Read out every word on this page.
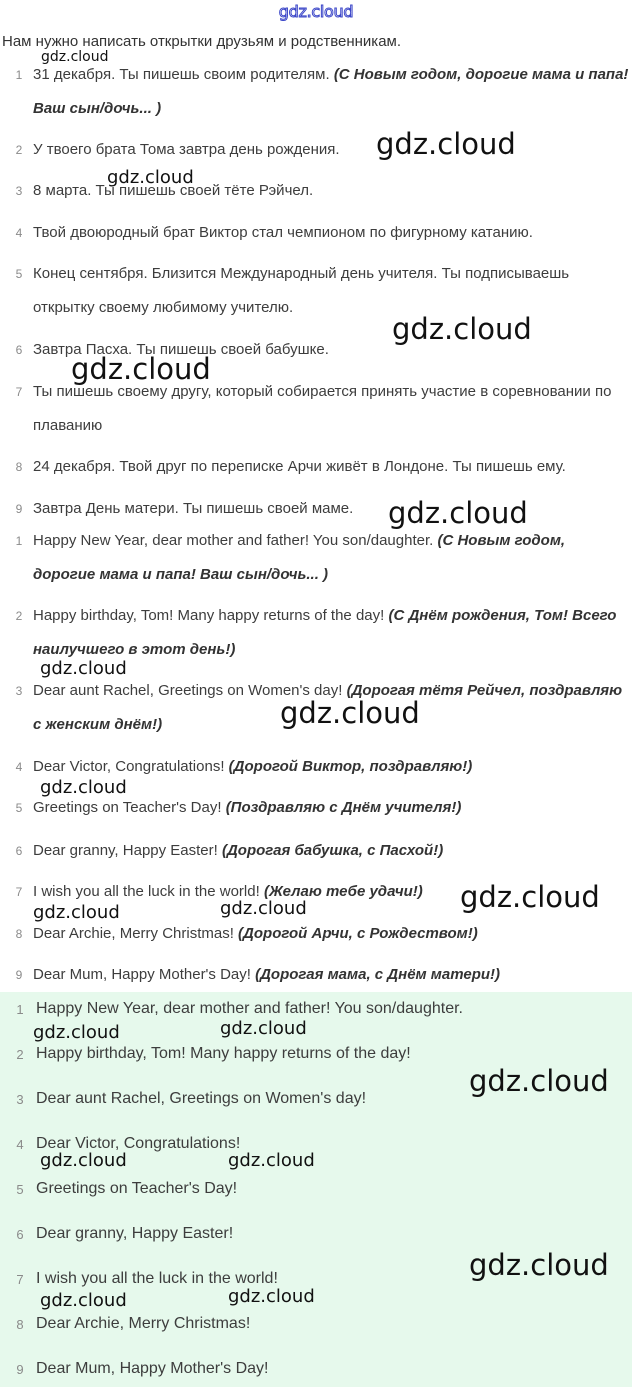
gdz.cloud
Нам нужно написать открытки друзьям и родственникам.
1 31 декабря. Ты пишешь своим родителям. (С Новым годом, дорогие мама и папа! Ваш сын/дочь... )
2 У твоего брата Тома завтра день рождения.
3 8 марта. Ты пишешь своей тёте Рэйчел.
4 Твой двоюродный брат Виктор стал чемпионом по фигурному катанию.
5 Конец сентября. Близится Международный день учителя. Ты подписываешь открытку своему любимому учителю.
6 Завтра Пасха. Ты пишешь своей бабушке.
7 Ты пишешь своему другу, который собирается принять участие в соревновании по плаванию
8 24 декабря. Твой друг по переписке Арчи живёт в Лондоне. Ты пишешь ему.
9 Завтра День матери. Ты пишешь своей маме.
1 Happy New Year, dear mother and father! You son/daughter. (С Новым годом, дорогие мама и папа! Ваш сын/дочь... )
2 Happy birthday, Tom! Many happy returns of the day! (С Днём рождения, Том! Всего наилучшего в этот день!)
3 Dear aunt Rachel, Greetings on Women's day! (Дорогая тётя Рейчел, поздравляю с женским днём!)
4 Dear Victor, Congratulations! (Дорогой Виктор, поздравляю!)
5 Greetings on Teacher's Day! (Поздравляю с Днём учителя!)
6 Dear granny, Happy Easter! (Дорогая бабушка, с Пасхой!)
7 I wish you all the luck in the world! (Желаю тебе удачи!)
8 Dear Archie, Merry Christmas! (Дорогой Арчи, с Рождеством!)
9 Dear Mum, Happy Mother's Day! (Дорогая мама, с Днём матери!)
1 Happy New Year, dear mother and father! You son/daughter.
2 Happy birthday, Tom! Many happy returns of the day!
3 Dear aunt Rachel, Greetings on Women's day!
4 Dear Victor, Congratulations!
5 Greetings on Teacher's Day!
6 Dear granny, Happy Easter!
7 I wish you all the luck in the world!
8 Dear Archie, Merry Christmas!
9 Dear Mum, Happy Mother's Day!
gdz.cloud
gdz.cloud
gdz.cloud
gdz.cloud
gdz.cloud
gdz.cloud
gdz.cloud
gdz.cloud
gdz.cloud
gdz.cloud
gdz.cloud	gdz.cloud
gdz.cloud	gdz.cloud
gdz.cloud
gdz.cloud	gdz.cloud
gdz.cloud
gdz.cloud	gdz.cloud
